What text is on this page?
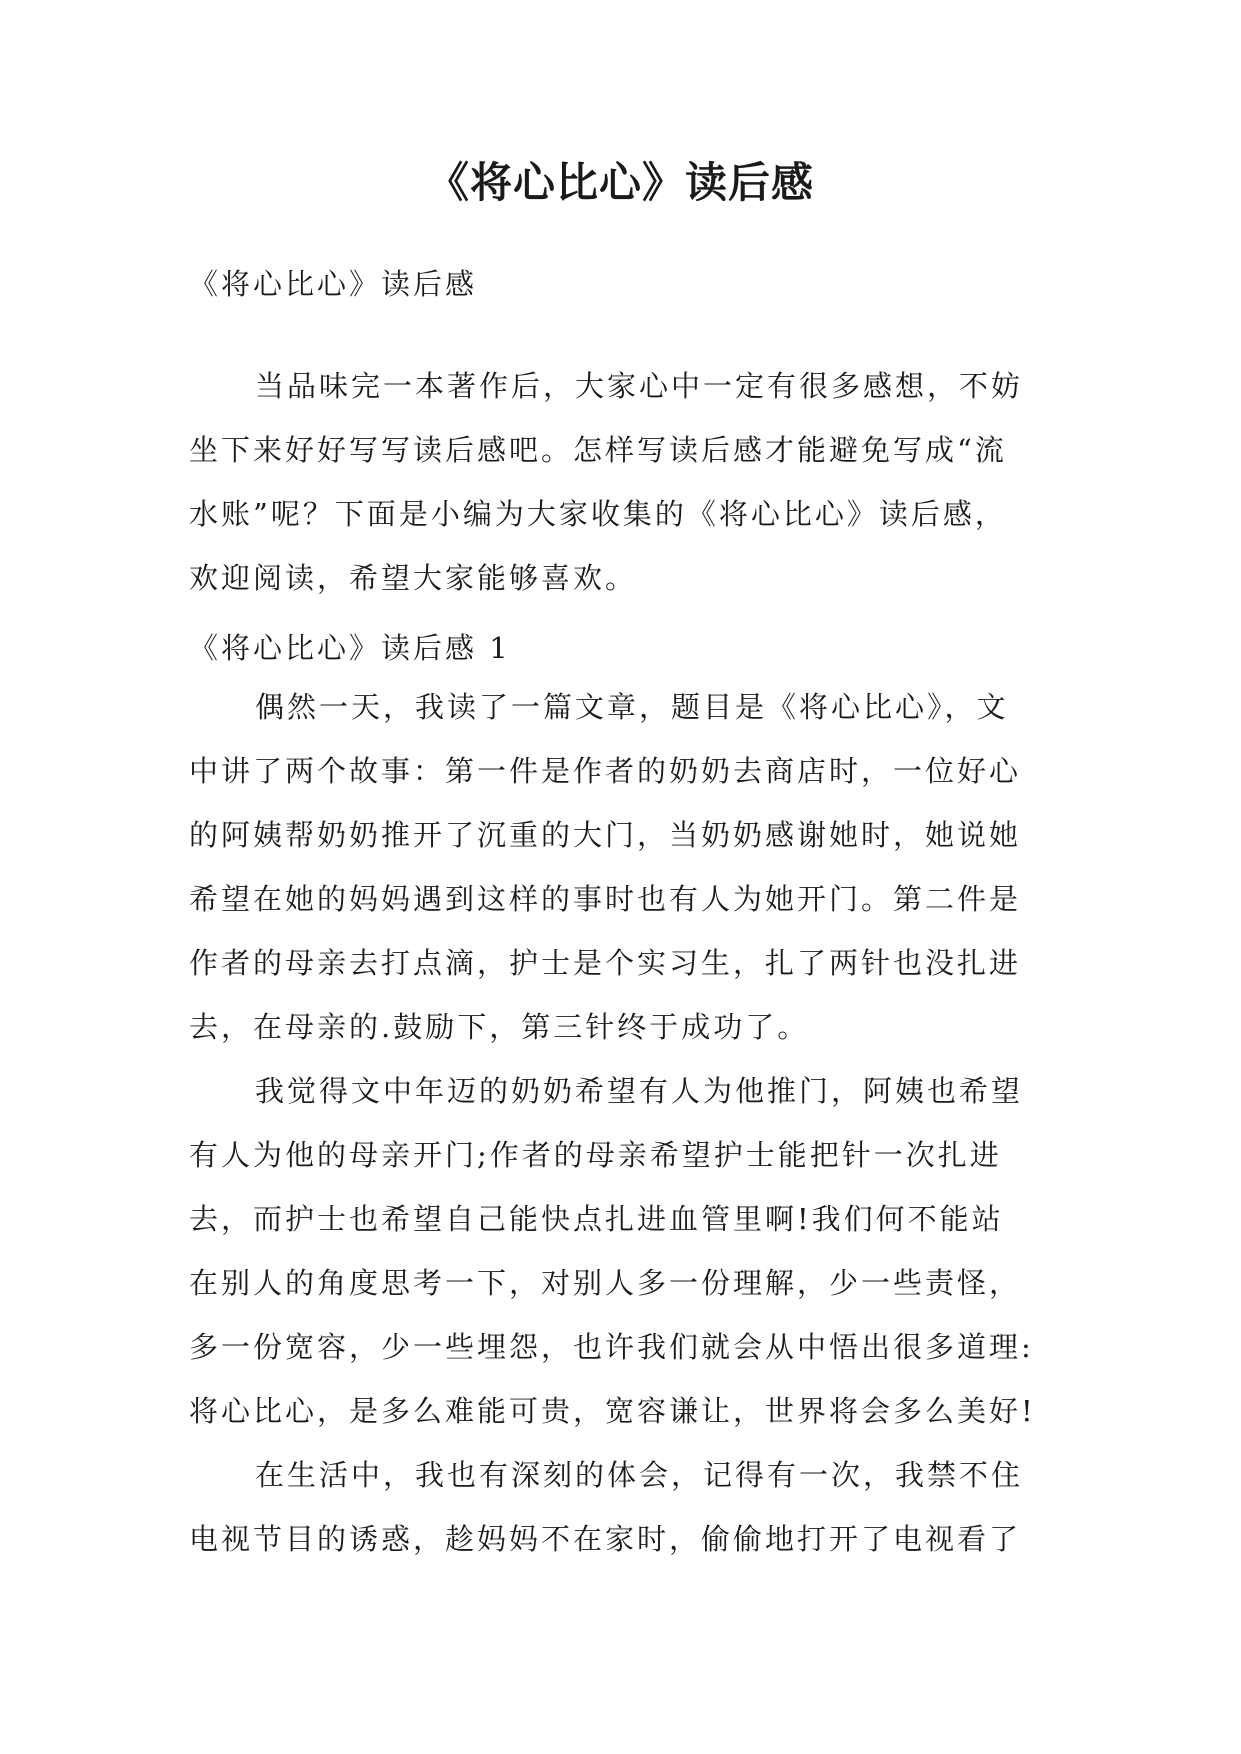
《将心比心》读后感

《将心比心》读后感

当品味完一本著作后，大家心中一定有很多感想，不妨
坐下来好好写写读后感吧。怎样写读后感才能避免写成“流
水账”呢？下面是小编为大家收集的《将心比心》读后感，
欢迎阅读，希望大家能够喜欢。

《将心比心》读后感 1

偶然一天，我读了一篇文章，题目是《将心比心》，文
中讲了两个故事：第一件是作者的奶奶去商店时，一位好心
的阿姨帮奶奶推开了沉重的大门，当奶奶感谢她时，她说她
希望在她的妈妈遇到这样的事时也有人为她开门。第二件是
作者的母亲去打点滴，护士是个实习生，扎了两针也没扎进
去，在母亲的.鼓励下，第三针终于成功了。
我觉得文中年迈的奶奶希望有人为他推门，阿姨也希望
有人为他的母亲开门;作者的母亲希望护士能把针一次扎进
去，而护士也希望自己能快点扎进血管里啊!我们何不能站
在别人的角度思考一下，对别人多一份理解，少一些责怪，
多一份宽容，少一些埋怨，也许我们就会从中悟出很多道理:
将心比心，是多么难能可贵，宽容谦让，世界将会多么美好!
在生活中，我也有深刻的体会，记得有一次，我禁不住
电视节目的诱惑，趁妈妈不在家时，偷偷地打开了电视看了
